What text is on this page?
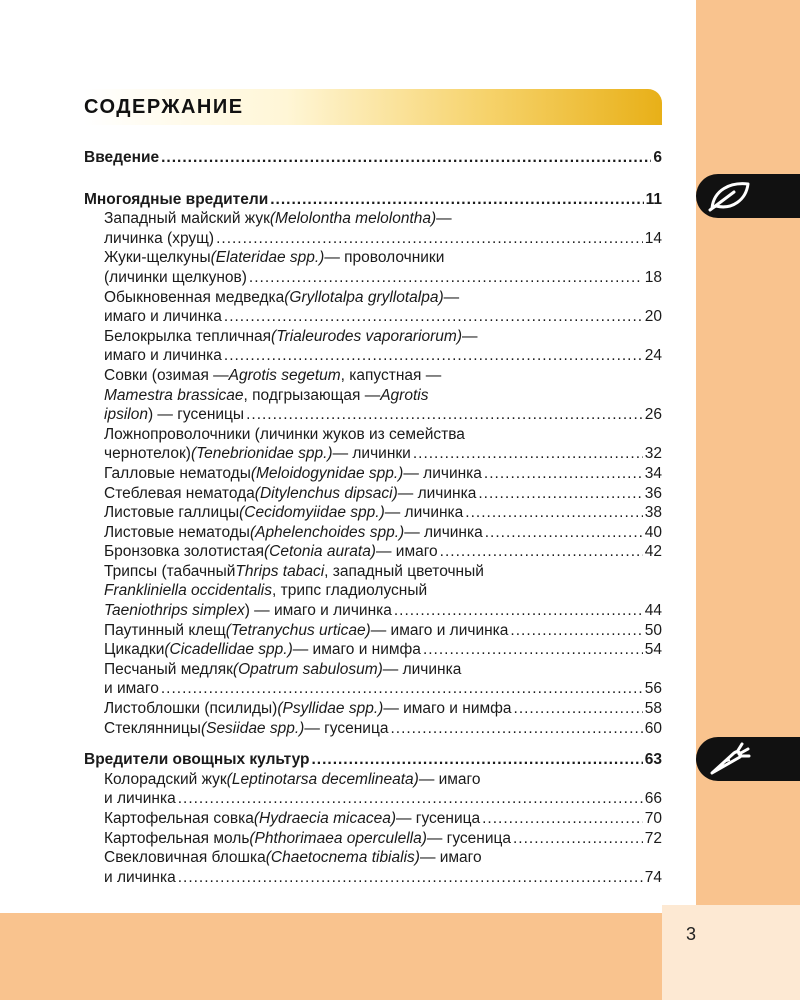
3
СОДЕРЖАНИЕ
Введение .....	6
Многоядные вредители .....	11
Западный майский жук (Melolontha melolontha) —
личинка (хрущ) .....	14
Жуки-щелкуны (Elateridae spp.) — проволочники
(личинки щелкунов) .....	18
Обыкновенная медведка (Gryllotalpa gryllotalpa) —
имаго и личинка .....	20
Белокрылка тепличная (Trialeurodes vaporariorum) —
имаго и личинка .....	24
Совки (озимая — Agrotis segetum , капустная —
Mamestra brassicae , подгрызающая — Agrotis
ipsilon ) — гусеницы .....	26
Ложнопроволочники (личинки жуков из семейства
чернотелок) (Tenebrionidae spp.) — личинки .....	32
Галловые нематоды (Meloidogynidae spp.) — личинка .....	34
Стеблевая нематода (Ditylenchus dipsaci) — личинка .....	36
Листовые галлицы (Cecidomyiidae spp.) — личинка .....	38
Листовые нематоды (Aphelenchoides spp.) — личинка .....	40
Бронзовка золотистая (Cetonia aurata) — имаго .....	42
Трипсы (табачный Thrips tabaci , западный цветочный
Frankliniella occidentalis , трипс гладиолусный
Taeniothrips simplex ) — имаго и личинка .....	44
Паутинный клещ (Tetranychus urticae) — имаго и личинка .....	50
Цикадки (Cicadellidae spp.) — имаго и нимфа .....	54
Песчаный медляк (Opatrum sabulosum) — личинка
и имаго .....	56
Листоблошки (псилиды) (Psyllidae spp.) — имаго и нимфа .....	58
Стеклянницы (Sesiidae spp.) — гусеница .....	60
Вредители овощных культур .....	63
Колорадский жук (Leptinotarsa decemlineata) — имаго
и личинка .....	66
Картофельная совка (Hydraecia micacea) — гусеница .....	70
Картофельная моль (Phthorimaea operculella) — гусеница .....	72
Свекловичная блошка (Chaetocnema tibialis) — имаго
и личинка .....	74
